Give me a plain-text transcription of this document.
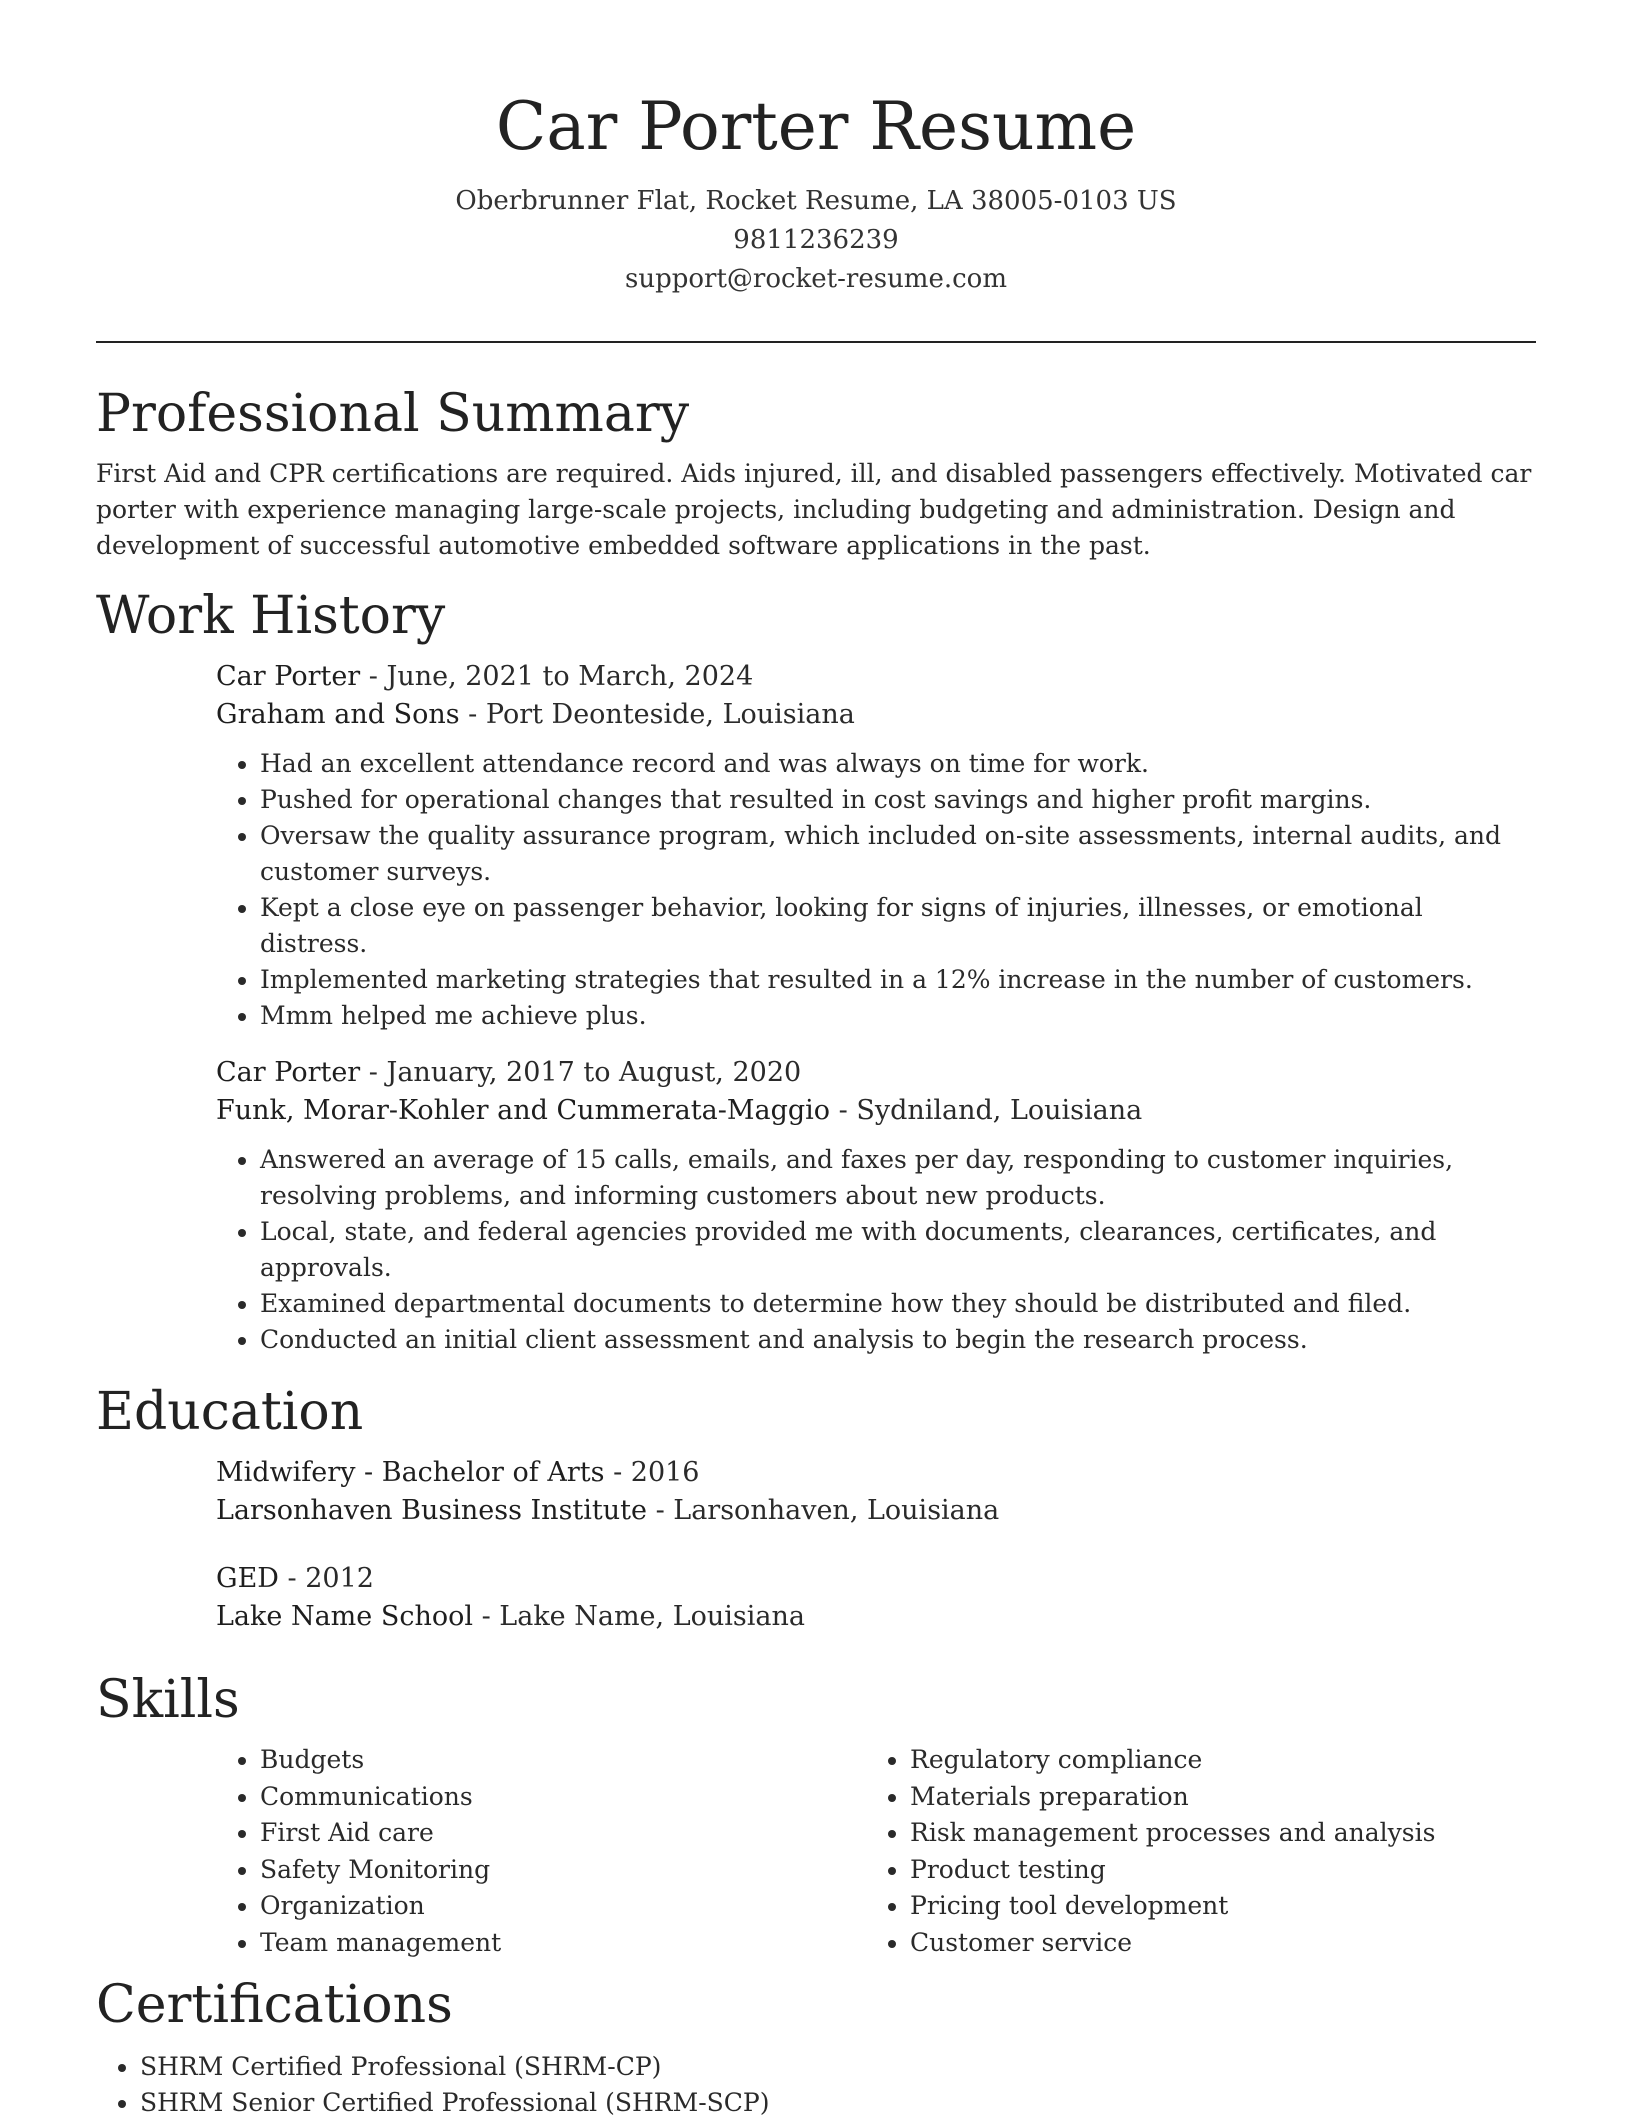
Car Porter Resume
Oberbrunner Flat, Rocket Resume, LA 38005-0103 US
9811236239
support@rocket-resume.com
Professional Summary

First Aid and CPR certifications are required. Aids injured, ill, and disabled passengers effectively. Motivated car porter with experience managing large-scale projects, including budgeting and administration. Design and development of successful automotive embedded software applications in the past.

Work History
Car Porter - June, 2021 to March, 2024
Graham and Sons - Port Deonteside, Louisiana
• Had an excellent attendance record and was always on time for work.
• Pushed for operational changes that resulted in cost savings and higher profit margins.
• Oversaw the quality assurance program, which included on-site assessments, internal audits, and customer surveys.
• Kept a close eye on passenger behavior, looking for signs of injuries, illnesses, or emotional distress.
• Implemented marketing strategies that resulted in a 12% increase in the number of customers.
• Mmm helped me achieve plus.
Car Porter - January, 2017 to August, 2020
Funk, Morar-Kohler and Cummerata-Maggio - Sydniland, Louisiana
• Answered an average of 15 calls, emails, and faxes per day, responding to customer inquiries, resolving problems, and informing customers about new products.
• Local, state, and federal agencies provided me with documents, clearances, certificates, and approvals.
• Examined departmental documents to determine how they should be distributed and filed.
• Conducted an initial client assessment and analysis to begin the research process.
Education
Midwifery - Bachelor of Arts - 2016
Larsonhaven Business Institute - Larsonhaven, Louisiana
GED - 2012
Lake Name School - Lake Name, Louisiana
Skills
• Budgets
• Communications
• First Aid care
• Safety Monitoring
• Organization
• Team management
• Regulatory compliance
• Materials preparation
• Risk management processes and analysis
• Product testing
• Pricing tool development
• Customer service
Certifications
• SHRM Certified Professional (SHRM-CP)
• SHRM Senior Certified Professional (SHRM-SCP)
